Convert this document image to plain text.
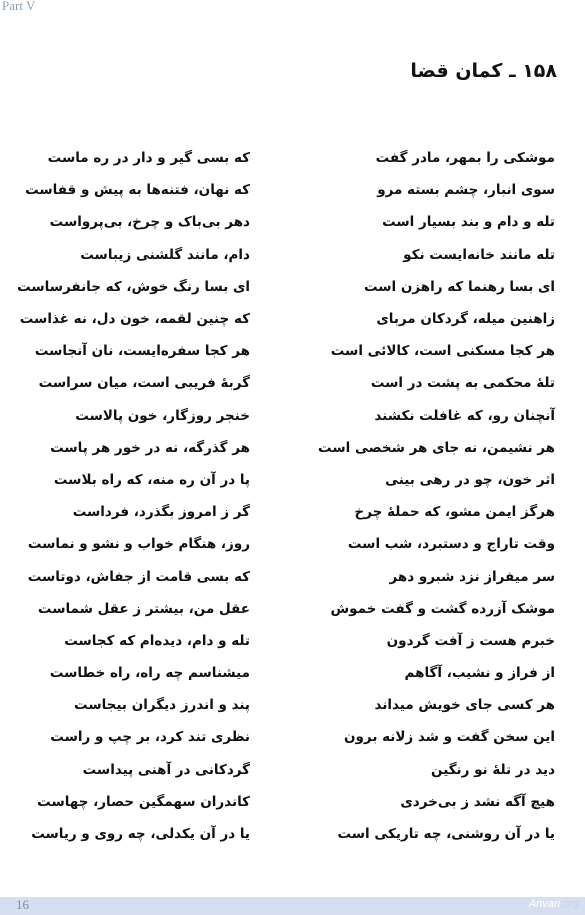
Part V
۱۵۸ ـ کمان قضا
موشکی را بمهر، مادر گفت
که بسی گیر و دار در ره ماست
سوی انبار، چشم بسته مرو
که نهان، فتنه‌ها به پیش و قفاست
تله و دام و بند بسیار است
دهر بی‌باک و چرخ، بی‌پرواست
تله مانند خانه‌ایست نکو
دام، مانند گلشنی زیباست
ای بسا رهنما که راهزن است
ای بسا رنگ خوش، که جانفرساست
زاهنین میله، گردکان مربای
که چنین لقمه، خون دل، نه غذاست
هر کجا مسکنی است، کالائی است
هر کجا سفره‌ایست، نان آنجاست
تلهٔ محکمی به پشت در است
گربهٔ فریبی است، میان سراست
آنچنان رو، که غافلت نکشند
خنجر روزگار، خون پالاست
هر نشیمن، نه جای هر شخصی است
هر گذرگه، نه در خور هر پاست
اثر خون، چو در رهی بینی
پا در آن ره منه، که راه بلاست
هرگز ایمن مشو، که حملهٔ چرخ
گر ز امروز بگذرد، فرداست
وقت تاراج و دستبرد، شب است
روز، هنگام خواب و نشو و نماست
سر میفراز نزد شبرو دهر
که بسی قامت از جفاش، دوتاست
موشک آزرده گشت و گفت خموش
عقل من، بیشتر ز عقل شماست
خبرم هست ز آفت گردون
تله و دام، دیده‌ام که کجاست
از فراز و نشیب، آگاهم
میشناسم چه راه، راه خطاست
هر کسی جای خویش میداند
پند و اندرز دیگران بیجاست
این سخن گفت و شد زلانه برون
نظری تند کرد، بر چپ و راست
دید در تلهٔ نو رنگین
گردکانی در آهنی پیداست
هیچ آگه نشد ز بی‌خردی
کاندران سهمگین حصار، چهاست
یا در آن روشنی، چه تاریکی است
یا در آن یکدلی، چه روی و ریاست
16	Anvari.org
